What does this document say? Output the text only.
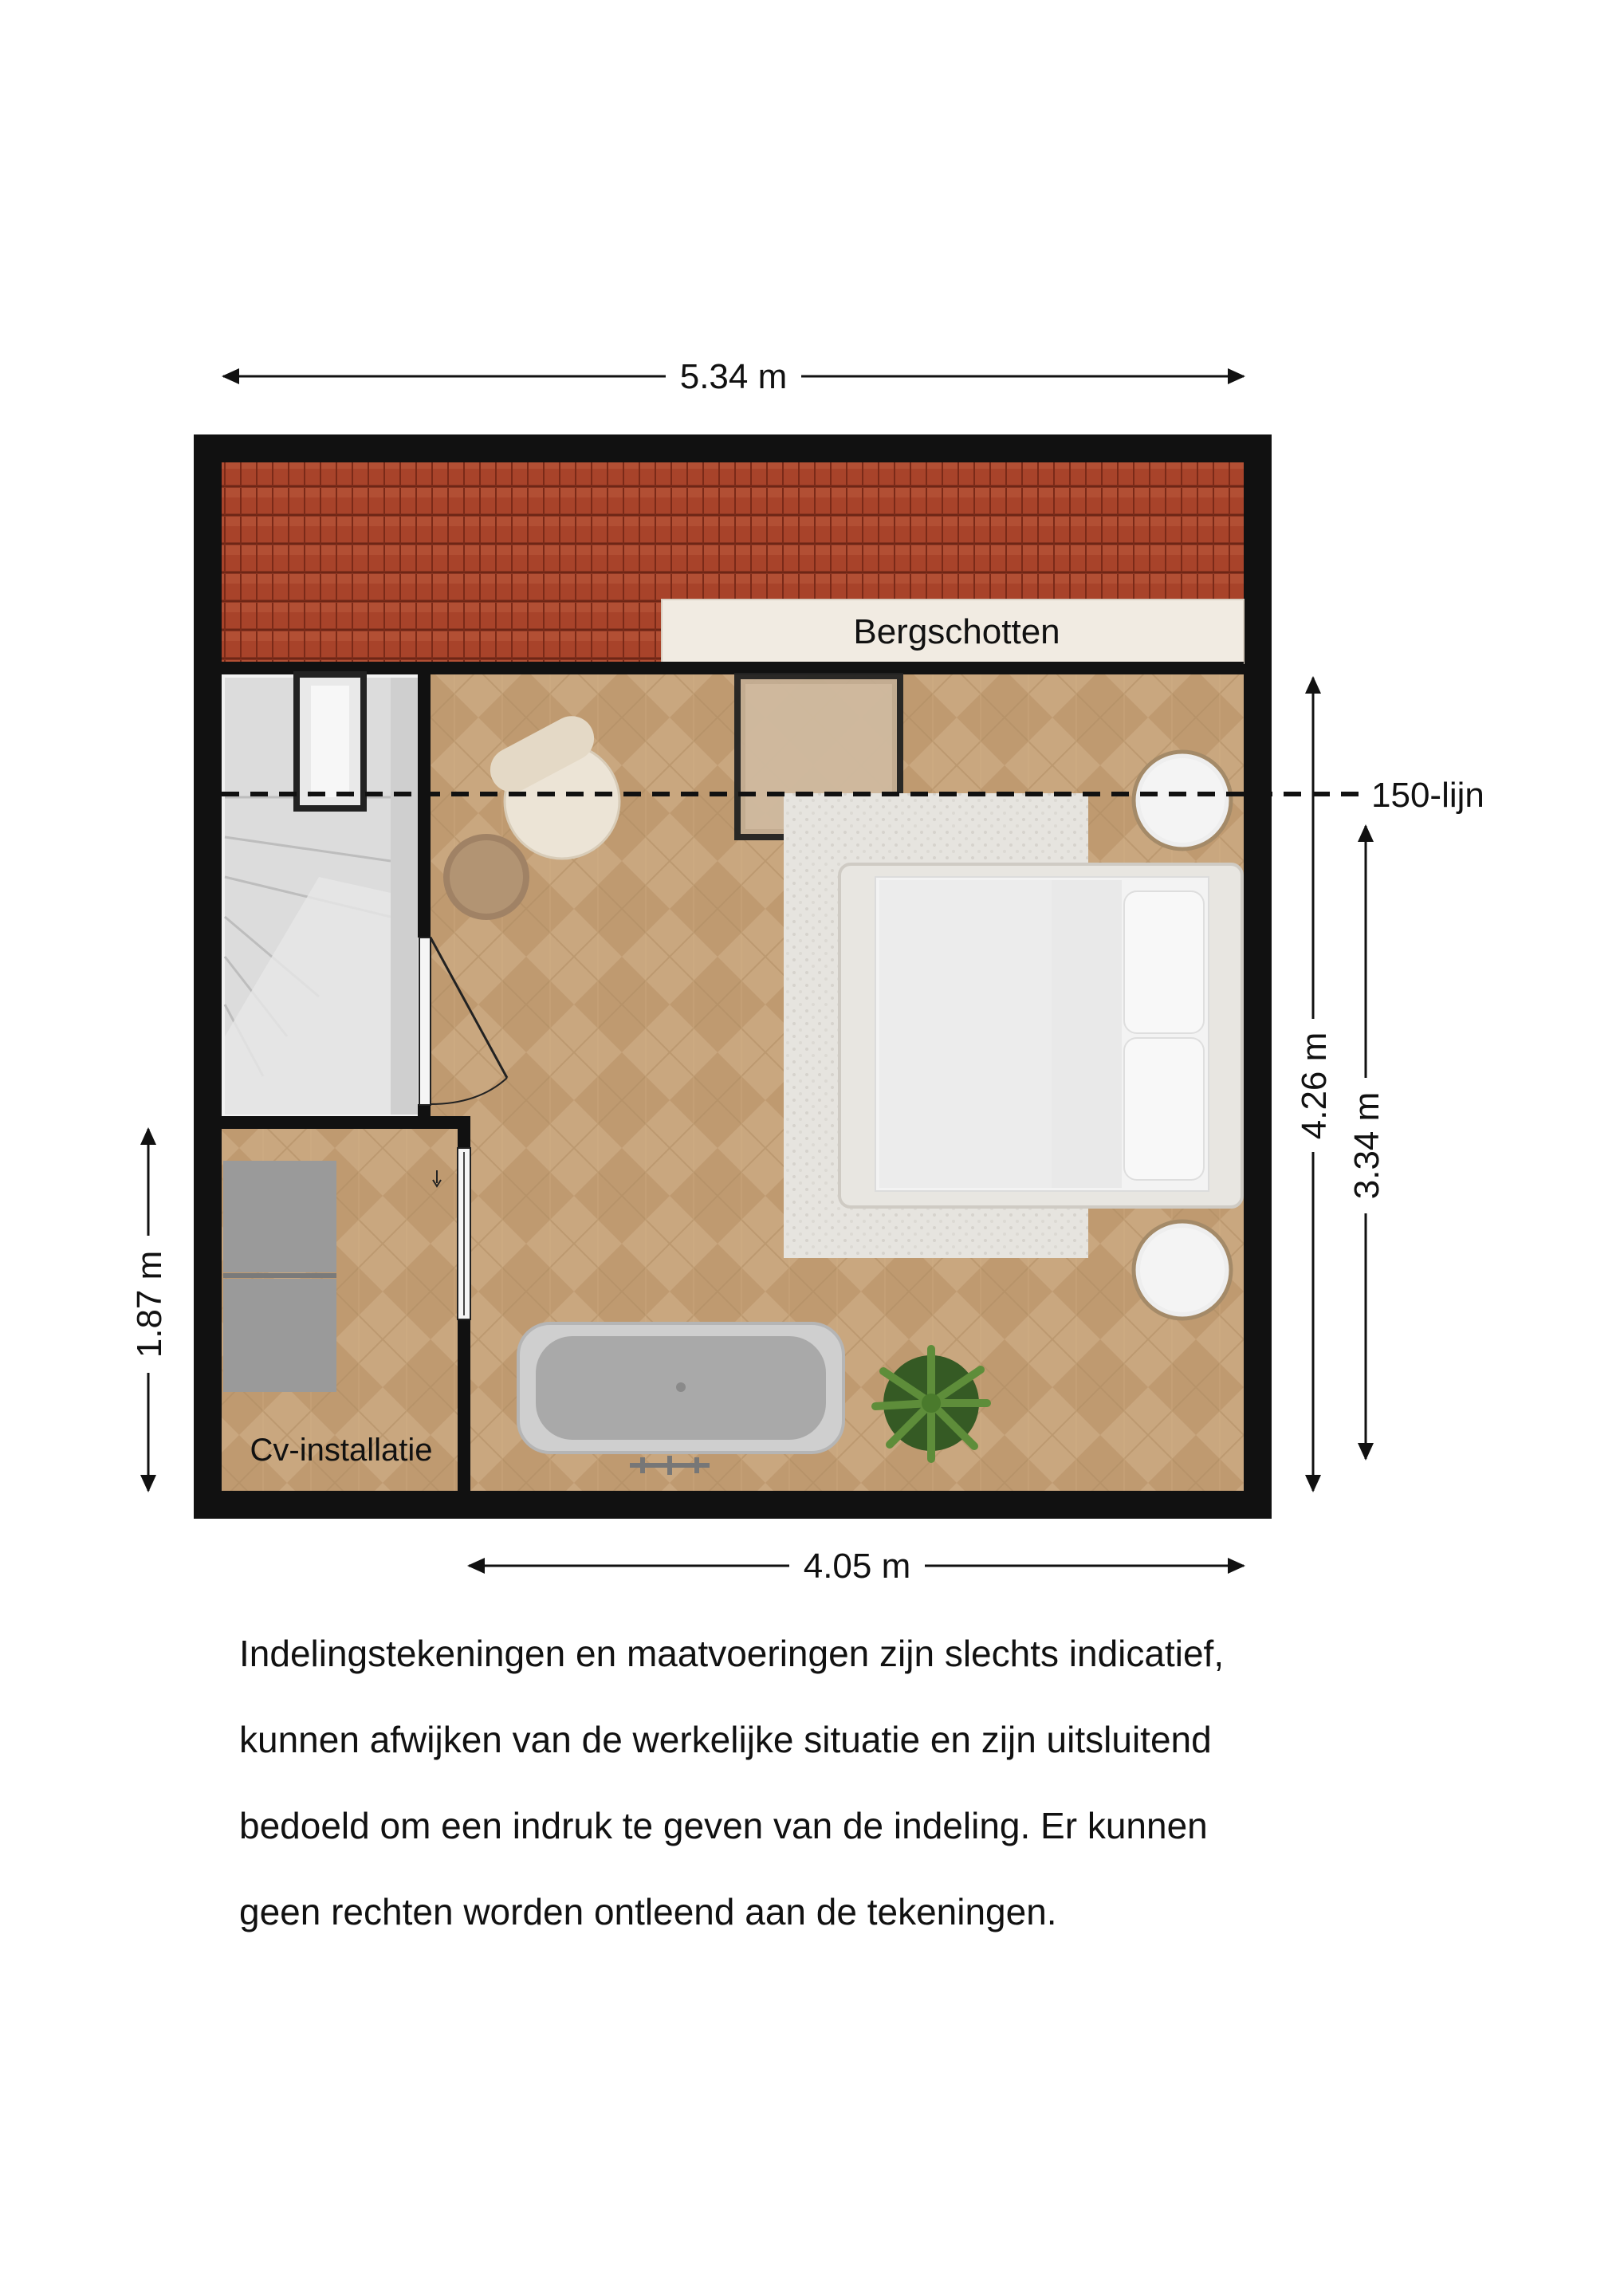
5.34 m
Bergschotten
Cv-installatie
150-lijn
4.05 m
4.26 m
3.34 m
1.87 m

Indelingstekeningen en maatvoeringen zijn slechts indicatief,

kunnen afwijken van de werkelijke situatie en zijn uitsluitend

bedoeld om een indruk te geven van de indeling. Er kunnen

geen rechten worden ontleend aan de tekeningen.
